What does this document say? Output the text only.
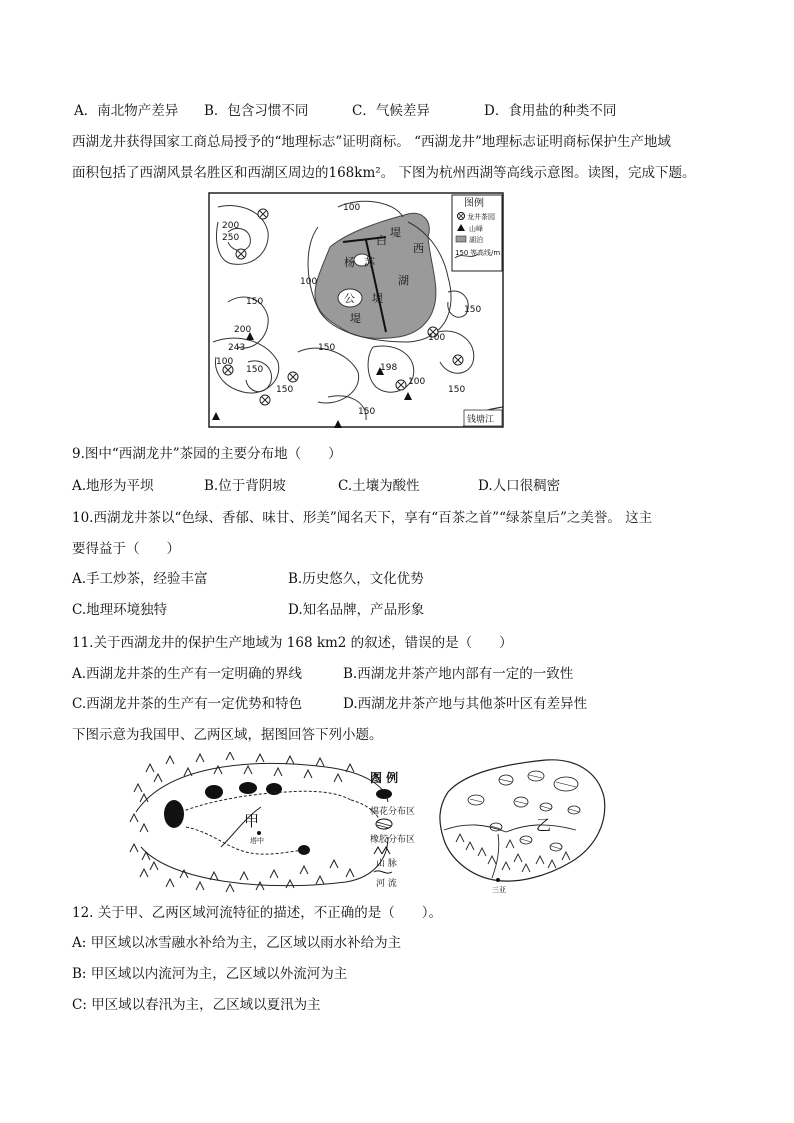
A．南北物产差异 B．包含习惯不同	C．气候差异	D．食用盐的种类不同
西湖龙井获得国家工商总局授予的“地理标志”证明商标。 “西湖龙井”地理标志证明商标保护生产地域
面积包括了西湖风景名胜区和西湖区周边的168km²。 下图为杭州西湖等高线示意图。读图，完成下题。
100
200
250
100
150
200
243
150
100
150
150
100
150
100
198
150
150
白
堤
西
杨 苏
湖
公 堤
堤
图例
龙井茶园
山峰
湖泊
150 等高线/m
钱塘江
9.图中“西湖龙井”茶园的主要分布地（　　）
A.地形为平坝	B.位于背阴坡	C.土壤为酸性	D.人口很稠密
10.西湖龙井茶以“色绿、香郁、味甘、形美”闻名天下，享有“百茶之首”“绿茶皇后”之美誉。 这主
要得益于（　　）
A.手工炒茶，经验丰富	B.历史悠久，文化优势
C.地理环境独特	D.知名品牌，产品形象
11.关于西湖龙井的保护生产地域为 168 km2 的叙述，错误的是（　　）
A.西湖龙井茶的生产有一定明确的界线	B.西湖龙井茶产地内部有一定的一致性
C.西湖龙井茶的生产有一定优势和特色	D.西湖龙井茶产地与其他茶叶区有差异性
下图示意为我国甲、乙两区域，据图回答下列小题。
甲
塔中
图 例
棉花分布区
橡胶分布区
山 脉
河 流
乙
三亚
12. 关于甲、乙两区域河流特征的描述，不正确的是（　　）。
A: 甲区域以冰雪融水补给为主，乙区域以雨水补给为主
B: 甲区域以内流河为主，乙区域以外流河为主
C: 甲区域以春汛为主，乙区域以夏汛为主
